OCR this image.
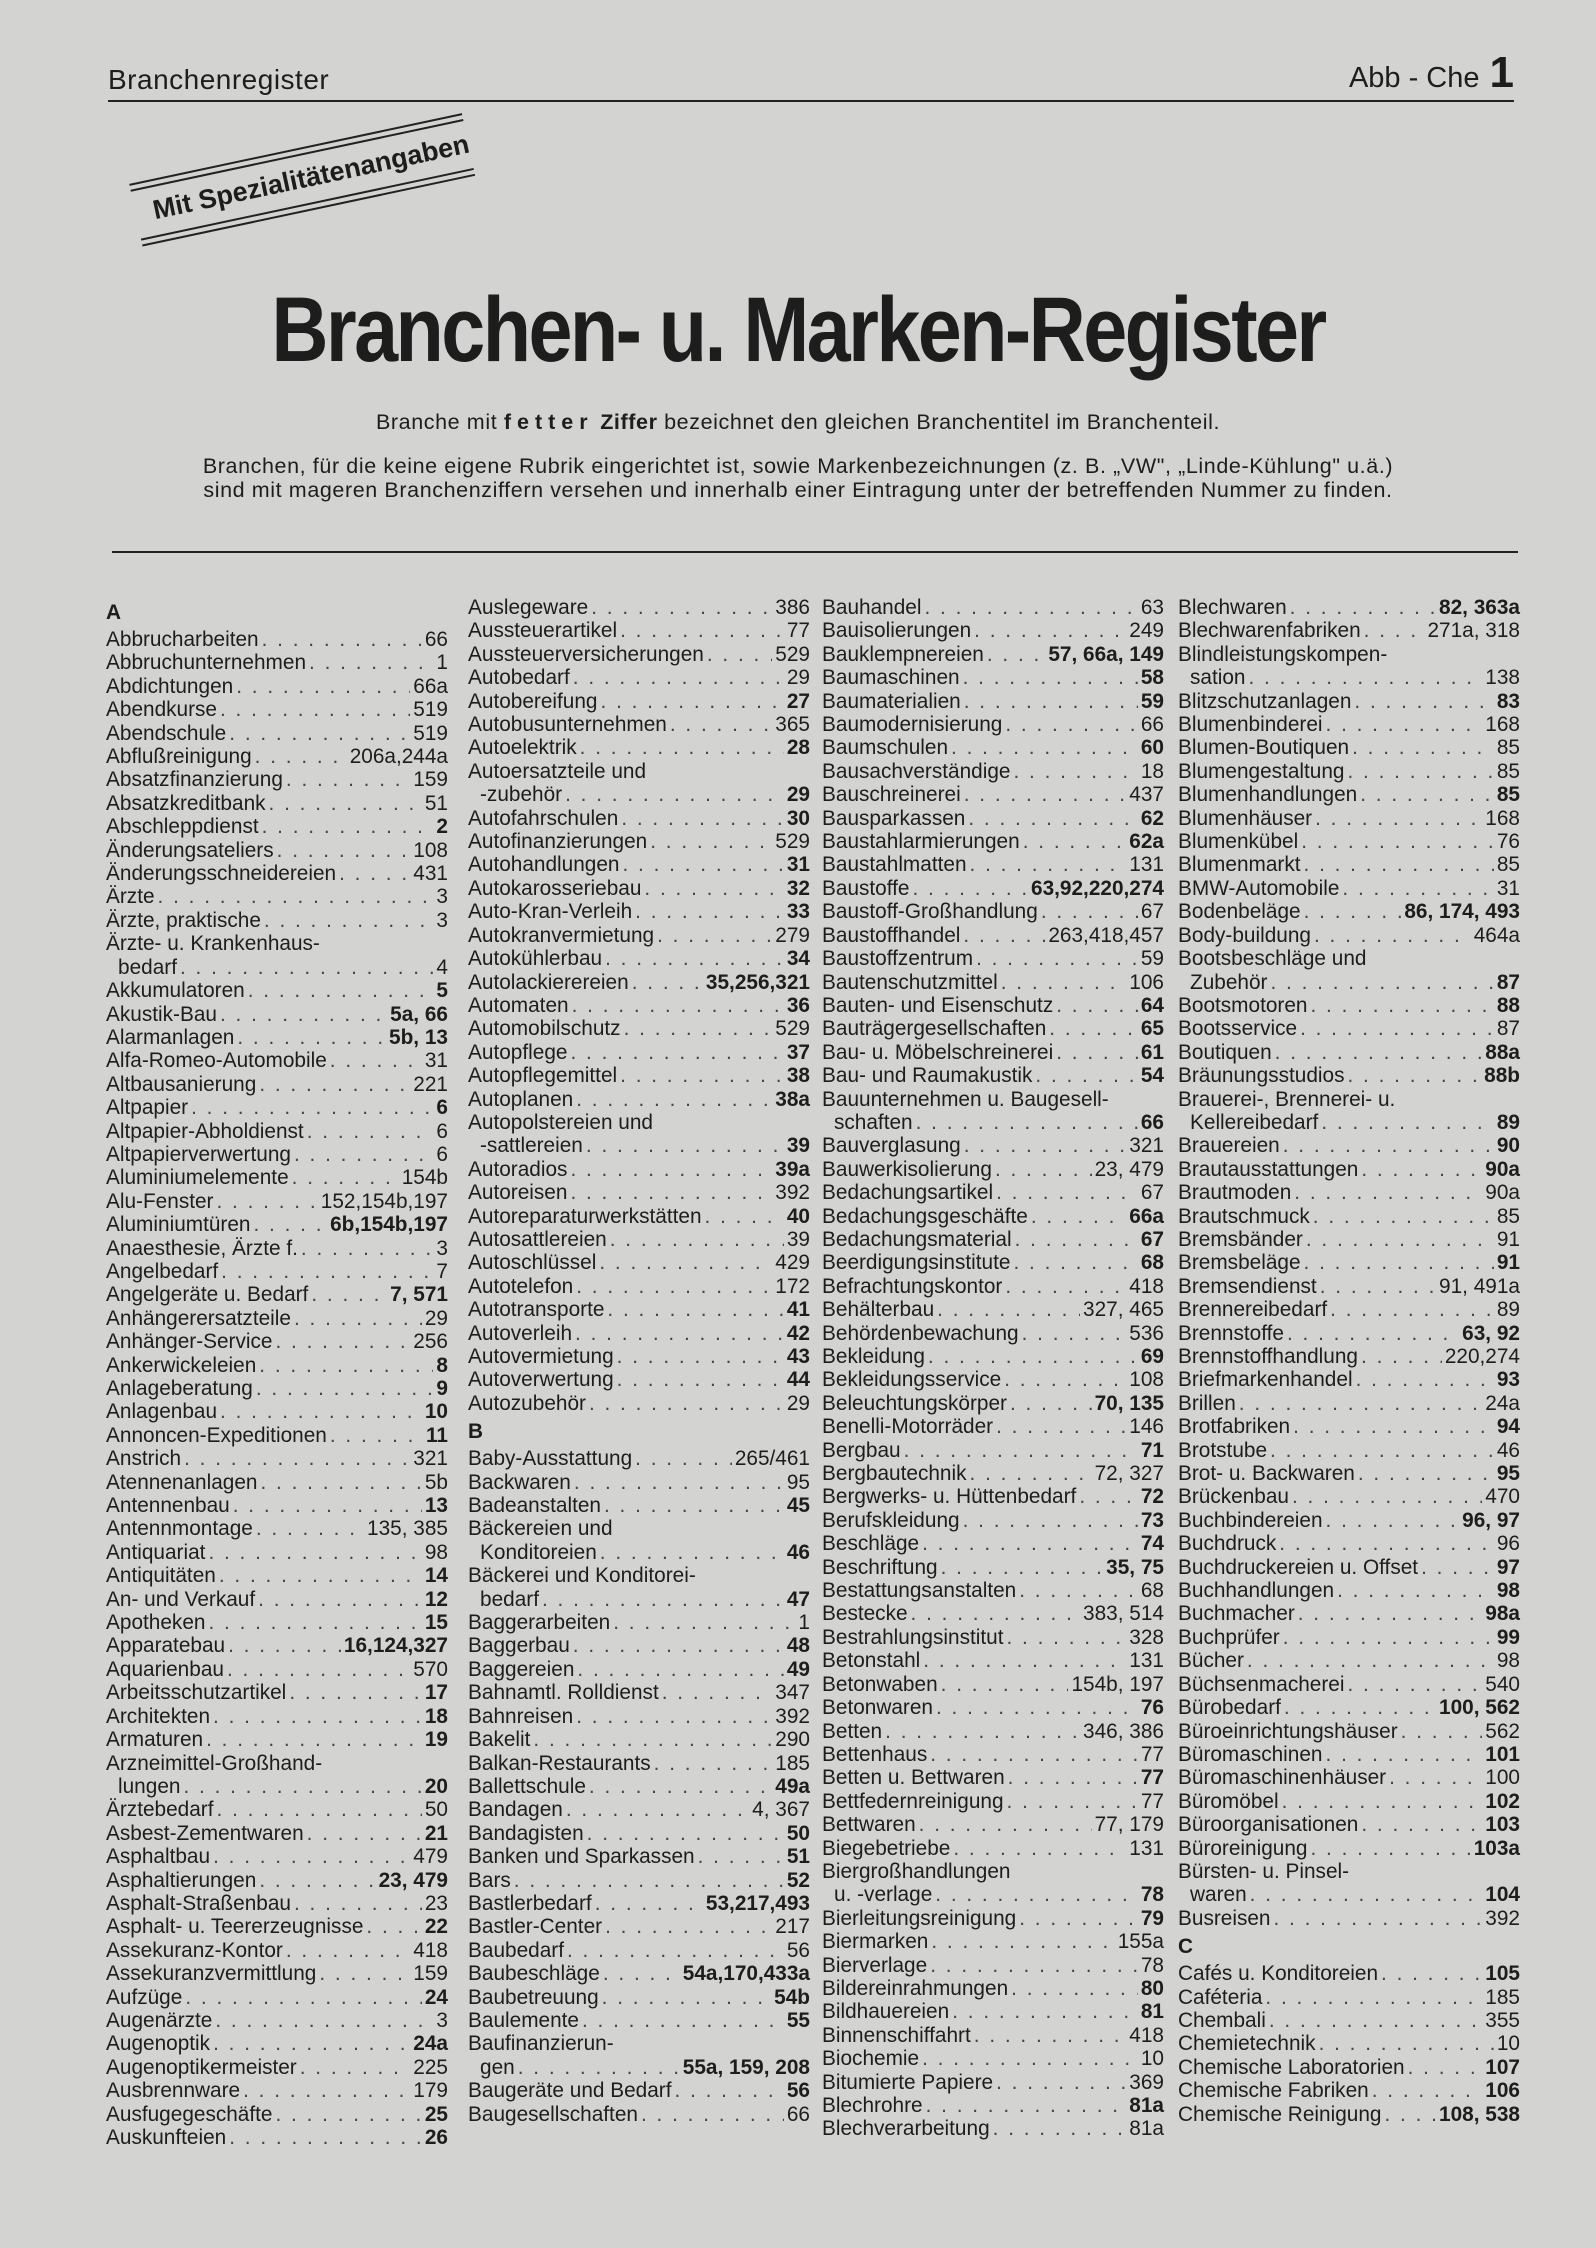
Branchenregister	Abb - Che 1
Mit Spezialitätenangaben
Branchen- u. Marken-Register
Branche mit fetter Ziffer bezeichnet den gleichen Branchentitel im Branchenteil.
Branchen, für die keine eigene Rubrik eingerichtet ist, sowie Markenbezeichnungen (z. B. „VW", „Linde-Kühlung" u.ä.)
sind mit mageren Branchenziffern versehen und innerhalb einer Eintragung unter der betreffenden Nummer zu finden.
A
Abbrucharbeiten . . .	66
Abbruchunternehmen . . .	1
Abdichtungen . . .	66a
Abendkurse . . .	519
Abendschule . . .	519
Abflußreinigung . . .	206a,244a
Absatzfinanzierung . . .	159
Absatzkreditbank . . .	51
Abschleppdienst . . .	2
Änderungsateliers . . .	108
Änderungsschneidereien . . .	431
Ärzte . . .	3
Ärzte, praktische . . .	3
Ärzte- u. Krankenhaus-
bedarf . . .	4
Akkumulatoren . . .	5
Akustik-Bau . . .	5a, 66
Alarmanlagen . . .	5b, 13
Alfa-Romeo-Automobile . . .	31
Altbausanierung . . .	221
Altpapier . . .	6
Altpapier-Abholdienst . . .	6
Altpapierverwertung . . .	6
Aluminiumelemente . . .	154b
Alu-Fenster . . .	152,154b,197
Aluminiumtüren . . .	6b,154b,197
Anaesthesie, Ärzte f. . . .	3
Angelbedarf . . .	7
Angelgeräte u. Bedarf . . .	7, 571
Anhängerersatzteile . . .	29
Anhänger-Service . . .	256
Ankerwickeleien . . .	8
Anlageberatung . . .	9
Anlagenbau . . .	10
Annoncen-Expeditionen . . .	11
Anstrich . . .	321
Atennenanlagen . . .	5b
Antennenbau . . .	13
Antennmontage . . .	135, 385
Antiquariat . . .	98
Antiquitäten . . .	14
An- und Verkauf . . .	12
Apotheken . . .	15
Apparatebau . . .	16,124,327
Aquarienbau . . .	570
Arbeitsschutzartikel . . .	17
Architekten . . .	18
Armaturen . . .	19
Arzneimittel-Großhand-
lungen . . .	20
Ärztebedarf . . .	50
Asbest-Zementwaren . . .	21
Asphaltbau . . .	479
Asphaltierungen . . .	23, 479
Asphalt-Straßenbau . . .	23
Asphalt- u. Teererzeugnisse . . .	22
Assekuranz-Kontor . . .	418
Assekuranzvermittlung . . .	159
Aufzüge . . .	24
Augenärzte . . .	3
Augenoptik . . .	24a
Augenoptikermeister . . .	225
Ausbrennware . . .	179
Ausfugegeschäfte . . .	25
Auskunfteien . . .	26
Auslegeware . . .	386
Aussteuerartikel . . .	77
Aussteuerversicherungen . . .	529
Autobedarf . . .	29
Autobereifung . . .	27
Autobusunternehmen . . .	365
Autoelektrik . . .	28
Autoersatzteile und
-zubehör . . .	29
Autofahrschulen . . .	30
Autofinanzierungen . . .	529
Autohandlungen . . .	31
Autokarosseriebau . . .	32
Auto-Kran-Verleih . . .	33
Autokranvermietung . . .	279
Autokühlerbau . . .	34
Autolackierereien . . .	35,256,321
Automaten . . .	36
Automobilschutz . . .	529
Autopflege . . .	37
Autopflegemittel . . .	38
Autoplanen . . .	38a
Autopolstereien und
-sattlereien . . .	39
Autoradios . . .	39a
Autoreisen . . .	392
Autoreparaturwerkstätten . . .	40
Autosattlereien . . .	39
Autoschlüssel . . .	429
Autotelefon . . .	172
Autotransporte . . .	41
Autoverleih . . .	42
Autovermietung . . .	43
Autoverwertung . . .	44
Autozubehör . . .	29
B
Baby-Ausstattung . . .	265/461
Backwaren . . .	95
Badeanstalten . . .	45
Bäckereien und
Konditoreien . . .	46
Bäckerei und Konditorei-
bedarf . . .	47
Baggerarbeiten . . .	1
Baggerbau . . .	48
Baggereien . . .	49
Bahnamtl. Rolldienst . . .	347
Bahnreisen . . .	392
Bakelit . . .	290
Balkan-Restaurants . . .	185
Ballettschule . . .	49a
Bandagen . . .	4, 367
Bandagisten . . .	50
Banken und Sparkassen . . .	51
Bars . . .	52
Bastlerbedarf . . .	53,217,493
Bastler-Center . . .	217
Baubedarf . . .	56
Baubeschläge . . .	54a,170,433a
Baubetreuung . . .	54b
Baulemente . . .	55
Baufinanzierun-
gen . . .	55a, 159, 208
Baugeräte und Bedarf . . .	56
Baugesellschaften . . .	66
Bauhandel . . .	63
Bauisolierungen . . .	249
Bauklempnereien . . .	57, 66a, 149
Baumaschinen . . .	58
Baumaterialien . . .	59
Baumodernisierung . . .	66
Baumschulen . . .	60
Bausachverständige . . .	18
Bauschreinerei . . .	437
Bausparkassen . . .	62
Baustahlarmierungen . . .	62a
Baustahlmatten . . .	131
Baustoffe . . .	63,92,220,274
Baustoff-Großhandlung . . .	67
Baustoffhandel . . .	263,418,457
Baustoffzentrum . . .	59
Bautenschutzmittel . . .	106
Bauten- und Eisenschutz . . .	64
Bauträgergesellschaften . . .	65
Bau- u. Möbelschreinerei . . .	61
Bau- und Raumakustik . . .	54
Bauunternehmen u. Baugesell-
schaften . . .	66
Bauverglasung . . .	321
Bauwerkisolierung . . .	23, 479
Bedachungsartikel . . .	67
Bedachungsgeschäfte . . .	66a
Bedachungsmaterial . . .	67
Beerdigungsinstitute . . .	68
Befrachtungskontor . . .	418
Behälterbau . . .	327, 465
Behördenbewachung . . .	536
Bekleidung . . .	69
Bekleidungsservice . . .	108
Beleuchtungskörper . . .	70, 135
Benelli-Motorräder . . .	146
Bergbau . . .	71
Bergbautechnik . . .	72, 327
Bergwerks- u. Hüttenbedarf . . .	72
Berufskleidung . . .	73
Beschläge . . .	74
Beschriftung . . .	35, 75
Bestattungsanstalten . . .	68
Bestecke . . .	383, 514
Bestrahlungsinstitut . . .	328
Betonstahl . . .	131
Betonwaben . . .	154b, 197
Betonwaren . . .	76
Betten . . .	346, 386
Bettenhaus . . .	77
Betten u. Bettwaren . . .	77
Bettfedernreinigung . . .	77
Bettwaren . . .	77, 179
Biegebetriebe . . .	131
Biergroßhandlungen
u. -verlage . . .	78
Bierleitungsreinigung . . .	79
Biermarken . . .	155a
Bierverlage . . .	78
Bildereinrahmungen . . .	80
Bildhauereien . . .	81
Binnenschiffahrt . . .	418
Biochemie . . .	10
Bitumierte Papiere . . .	369
Blechrohre . . .	81a
Blechverarbeitung . . .	81a
Blechwaren . . .	82, 363a
Blechwarenfabriken . . .	271a, 318
Blindleistungskompen-
sation . . .	138
Blitzschutzanlagen . . .	83
Blumenbinderei . . .	168
Blumen-Boutiquen . . .	85
Blumengestaltung . . .	85
Blumenhandlungen . . .	85
Blumenhäuser . . .	168
Blumenkübel . . .	76
Blumenmarkt . . .	85
BMW-Automobile . . .	31
Bodenbeläge . . .	86, 174, 493
Body-buildung . . .	464a
Bootsbeschläge und
Zubehör . . .	87
Bootsmotoren . . .	88
Bootsservice . . .	87
Boutiquen . . .	88a
Bräunungsstudios . . .	88b
Brauerei-, Brennerei- u.
Kellereibedarf . . .	89
Brauereien . . .	90
Brautausstattungen . . .	90a
Brautmoden . . .	90a
Brautschmuck . . .	85
Bremsbänder . . .	91
Bremsbeläge . . .	91
Bremsendienst . . .	91, 491a
Brennereibedarf . . .	89
Brennstoffe . . .	63, 92
Brennstoffhandlung . . .	220,274
Briefmarkenhandel . . .	93
Brillen . . .	24a
Brotfabriken . . .	94
Brotstube . . .	46
Brot- u. Backwaren . . .	95
Brückenbau . . .	470
Buchbindereien . . .	96, 97
Buchdruck . . .	96
Buchdruckereien u. Offset . . .	97
Buchhandlungen . . .	98
Buchmacher . . .	98a
Buchprüfer . . .	99
Bücher . . .	98
Büchsenmacherei . . .	540
Bürobedarf . . .	100, 562
Büroeinrichtungshäuser . . .	562
Büromaschinen . . .	101
Büromaschinenhäuser . . .	100
Büromöbel . . .	102
Büroorganisationen . . .	103
Büroreinigung . . .	103a
Bürsten- u. Pinsel-
waren . . .	104
Busreisen . . .	392
C
Cafés u. Konditoreien . . .	105
Caféteria . . .	185
Chembali . . .	355
Chemietechnik . . .	10
Chemische Laboratorien . . .	107
Chemische Fabriken . . .	106
Chemische Reinigung . . .	108, 538
